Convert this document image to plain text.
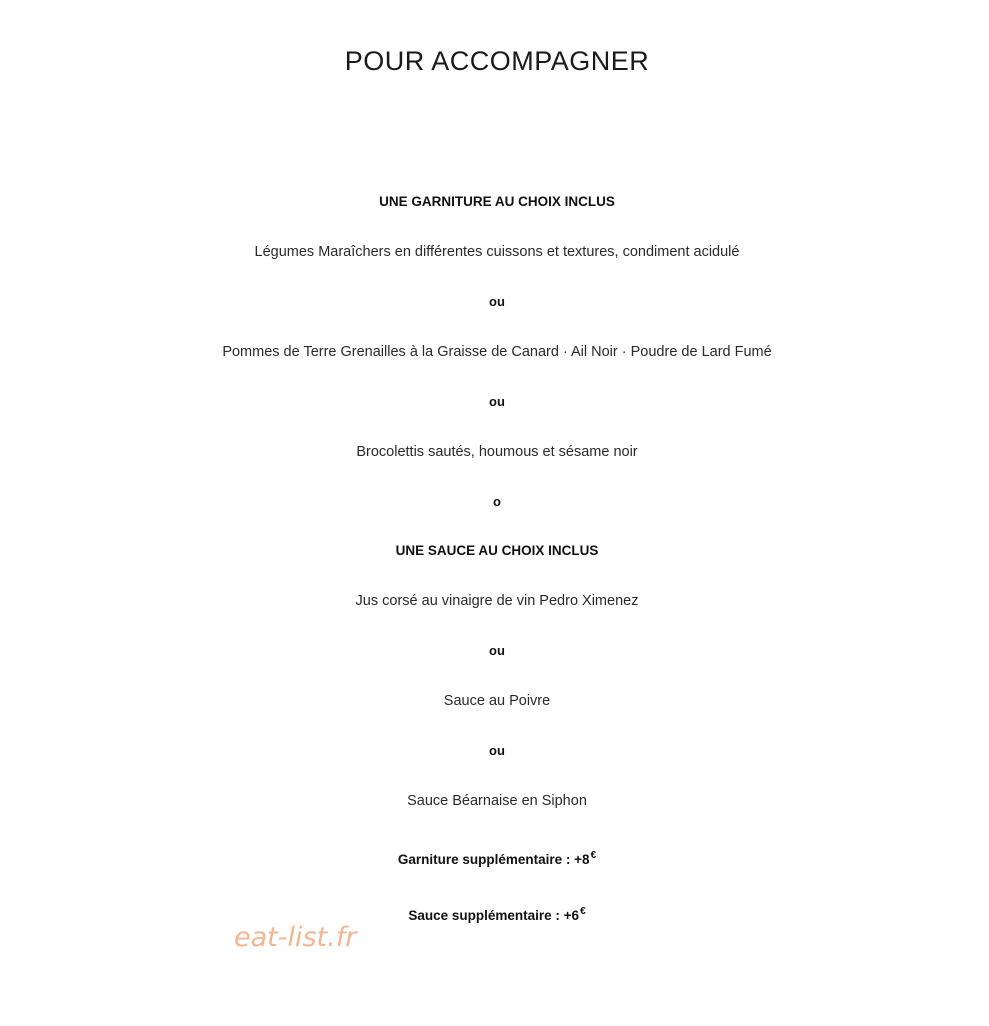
POUR ACCOMPAGNER
UNE GARNITURE AU CHOIX INCLUS
Légumes Maraîchers en différentes cuissons et textures, condiment acidulé
ou
Pommes de Terre Grenailles à la Graisse de Canard · Ail Noir · Poudre de Lard Fumé
ou
Brocolettis sautés, houmous et sésame noir
o
UNE SAUCE AU CHOIX INCLUS
Jus corsé au vinaigre de vin Pedro Ximenez
ou
Sauce au Poivre
ou
Sauce Béarnaise en Siphon
Garniture supplémentaire : +8€
Sauce supplémentaire : +6€
eat-list.fr
